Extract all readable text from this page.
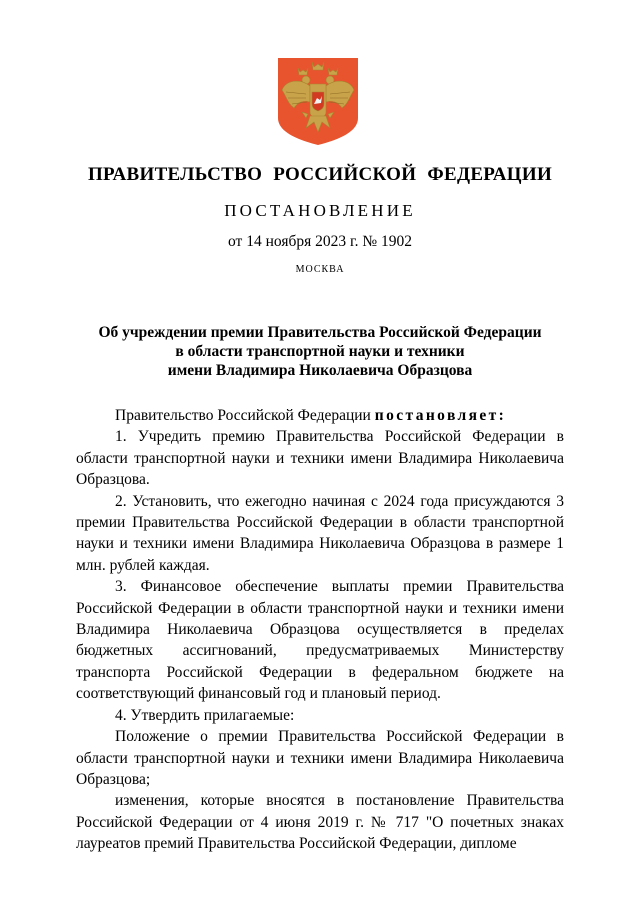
ПРАВИТЕЛЬСТВО РОССИЙСКОЙ ФЕДЕРАЦИИ
ПОСТАНОВЛЕНИЕ
от 14 ноября 2023 г. № 1902
МОСКВА
Об учреждении премии Правительства Российской Федерации
в области транспортной науки и техники
имени Владимира Николаевича Образцова

Правительство Российской Федерации постановляет:

1. Учредить премию Правительства Российской Федерации в области транспортной науки и техники имени Владимира Николаевича Образцова.

2. Установить, что ежегодно начиная с 2024 года присуждаются 3 премии Правительства Российской Федерации в области транспортной науки и техники имени Владимира Николаевича Образцова в размере 1 млн. рублей каждая.

3. Финансовое обеспечение выплаты премии Правительства Российской Федерации в области транспортной науки и техники имени Владимира Николаевича Образцова осуществляется в пределах бюджетных ассигнований, предусматриваемых Министерству транспорта Российской Федерации в федеральном бюджете на соответствующий финансовый год и плановый период.

4. Утвердить прилагаемые:

Положение о премии Правительства Российской Федерации в области транспортной науки и техники имени Владимира Николаевича Образцова;

изменения, которые вносятся в постановление Правительства Российской Федерации от 4 июня 2019 г. № 717 "О почетных знаках лауреатов премий Правительства Российской Федерации, дипломе
